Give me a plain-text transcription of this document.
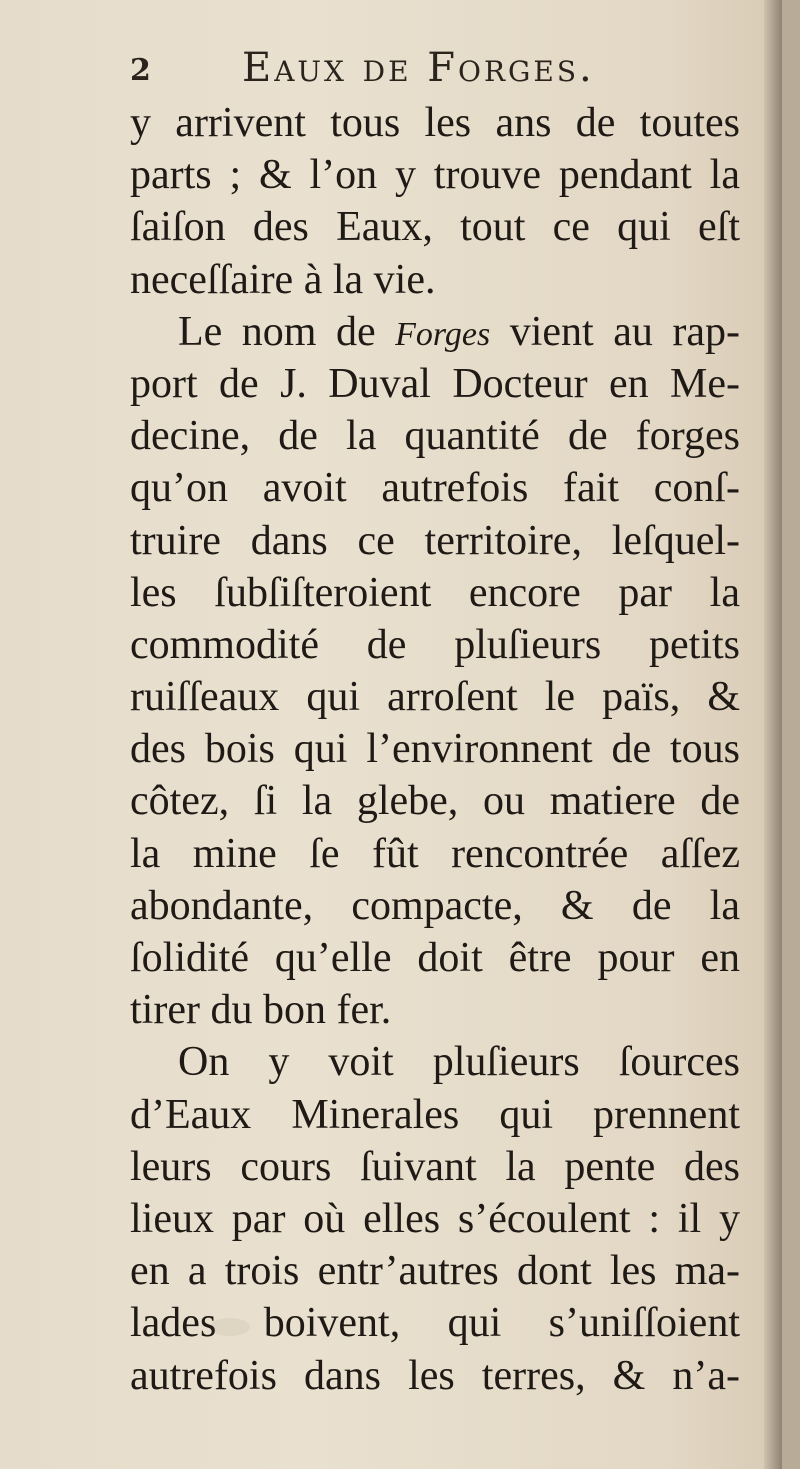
2 Eaux de Forges.
y arrivent tous les ans de toutes
parts ; & l’on y trouve pendant la
ſaiſon des Eaux, tout ce qui eſt
neceſſaire à la vie.
Le nom de Forges vient au rap-
port de J. Duval Docteur en Me-
decine, de la quantité de forges
qu’on avoit autrefois fait conſ-
truire dans ce territoire, leſquel-
les ſubſiſteroient encore par la
commodité de pluſieurs petits
ruiſſeaux qui arroſent le païs, &
des bois qui l’environnent de tous
côtez, ſi la glebe, ou matiere de
la mine ſe fût rencontrée aſſez
abondante, compacte, & de la
ſolidité qu’elle doit être pour en
tirer du bon fer.
On y voit pluſieurs ſources
d’Eaux Minerales qui prennent
leurs cours ſuivant la pente des
lieux par où elles s’écoulent : il y
en a trois entr’autres dont les ma-
lades boivent, qui s’uniſſoient
autrefois dans les terres, & n’a-
